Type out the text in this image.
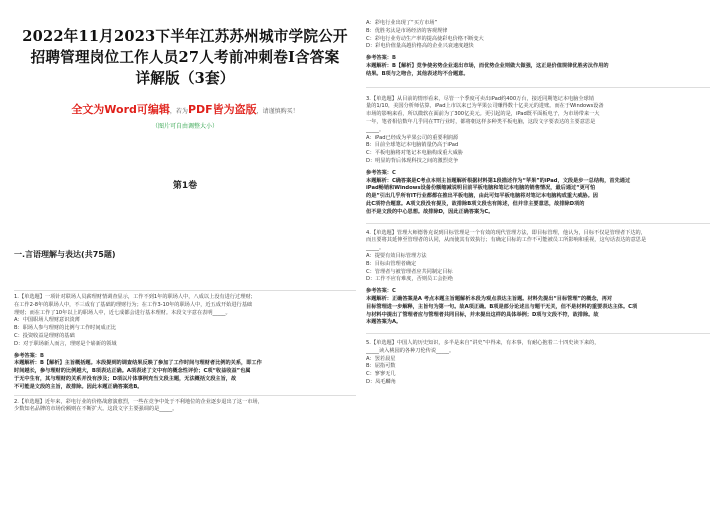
2022年11月2023下半年江苏苏州城市学院公开
招聘管理岗位工作人员27人考前冲刺卷I含答案
详解版（3套）
全文为Word可编辑，若为PDF皆为盗版，请谨慎购买！
（图片可自由调整大小）
第1卷
一.言语理解与表达(共75题)

1.【单选题】一项针对联场人员薪理财情调查显示，工作不到1年的职场人中，八成以上没有进行过理财；

在工作2-8年的职场人中，不三成有了基础的理财行为；在工作3-10年的职场人中，近五成开始进行基础

理财；而在工作了10年以上的职场人中，近七成都会进行基本理财。本段文字意在表明_____。

A：中国职场人理财意识淡薄

B：职场人参与理财的比例与工作时间成正比

C：投资收益是理财的基础

D：对于职场新人而言，理财是个崭新的领域

参考答案：B

本题解析：B【解析】主旨概括题。本段提到的调查结果反映了参加了工作时间与理财者比例的关系，即工作

时间越长，参与理财的比例越大，B项表达正确。A项表述了文中有的概念性评价；C项“收益收益”也属

于无中生有，其与理财的关系并没有涉及；D项以片体事例充当文段主题，无法概括文段主旨，故

不可能是文段的主旨，故排除。因此本题正确答案选B。

2.【单选题】近年来，彩电行业的价格战愈演愈烈，一些在竞争中处于不利地位的企业逐步退出了这一市场，

少数知名品牌的市场份额则在不断扩大。这段文字主要强调的是_____。

A：彩电行业出现了“买方市场”

B：优胜劣汰是市场经济的客观规律

C：彩电行业劳动生产率的提高使彩电价格不断变大

D：彩电价值量高越价格高的企业兴衰速度越快

参考答案：B

本题解析：B【解析】竞争使劣势企业退出市场，而优势企业则做大做强，这正是价值规律优胜劣汰作用的

结果。B项与之吻合，其他表述均不合题意。

3.【单选题】从目前的情形看来，尽管一个季度可卖出iPad约400万台，接近同期笔记本电脑全球销

量的1/10，美国分析师估算，iPad上市以来已为苹果公司赚得数十亿美元的进账。而在于Windows设备

市场的影响来看，所以微软在面前为了300亿美元。更引起的是，iPad既平面板电子，为市场带来一大

一年，笔者相信数年几乎同在TT行业时，都将朝这样多种类平板电脑，这段文字要表达的主要意思是

_____。

A：iPad已经成为苹果公司的重要利润源

B：目前全球笔记本电脑销量仍高于iPad

C：平板电脑将对笔记本电脑构成重大威胁

D：明显的背后体现科技之间的激烈竞争

参考答案：C

本题解析：C确答案是C考点本则主旨题解析根据材料第1段描述作为“苹果”的iPad，文段是步一总结构，首先通过

iPad畅销和Windows设备份额缩减说明目前平板电脑和笔记本电脑的销售情况，最后通过“更可怕

的是”引出几乎所有IT行业都都在推出平板电脑，由此可知平板电脑将对笔记本电脑构成重大威胁。因

此C项符合题意。A项文段没有提及，故排除B项文段也有陈述，但并非主要意思，故排除D项的

但不是文段的中心思想。故排除D，因此正确答案为C。

4.【单选题】管理大师德鲁克说到目标管理是一个有效的现代管理方法，即目标管理，他认为，目标不仅是管理者下达的，

而且要将其延伸至管理者的认同，从而使其有效执行；有确定目标的工作不可能被员工所影响和重视，这句话表达的意思是

_____。

A：提要有效目标管理方法

B：目标由管理者确定

C：管理者与被管理者应共同制定目标

D：工作不应有难度，否则员工会拒绝

参考答案：C

本题解析：正确答案是A 考点本题主旨题解析本段为观点表达主旨题。材料先提出“目标管理”的概念，再对

目标管理进一步解释，主旨句为第一句。故A项正确。B项是部分论述且与题干无关，但不是材料的重要表达主体。C项

与材料中提出了管理者应与管理者共同目标，并未提出这样的具体举例；D项与文段不符，故排除。故

本题答案为A。

5.【单选题】中国人的历史知识，多半是来自“讲史”中得来，有本事，有耐心抱着二十四史读下来的，

_____读入桃园的各种刀伦传说_____。

A：罢若晨星

B：屈指可数

C：寥寥无几

D：凤毛麟角
